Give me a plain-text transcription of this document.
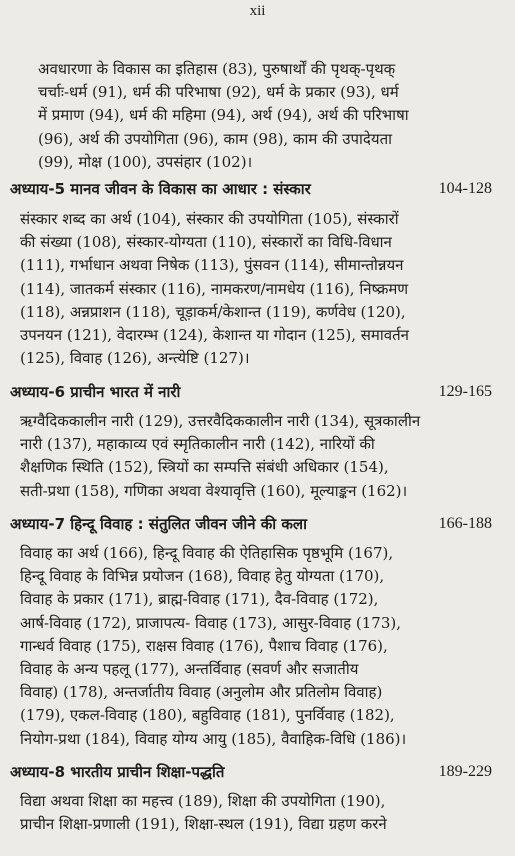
xii
अवधारणा के विकास का इतिहास (83), पुरुषार्थों की पृथक्-पृथक्
चर्चाः-धर्म (91), धर्म की परिभाषा (92), धर्म के प्रकार (93), धर्म
में प्रमाण (94), धर्म की महिमा (94), अर्थ (94), अर्थ की परिभाषा
(96), अर्थ की उपयोगिता (96), काम (98), काम की उपादेयता
(99), मोक्ष (100), उपसंहार (102)।
अध्याय-5 मानव जीवन के विकास का आधार : संस्कार	104-128
संस्कार शब्द का अर्थ (104), संस्कार की उपयोगिता (105), संस्कारों
की संख्या (108), संस्कार-योग्यता (110), संस्कारों का विधि-विधान
(111), गर्भाधान अथवा निषेक (113), पुंसवन (114), सीमान्तोन्नयन
(114), जातकर्म संस्कार (116), नामकरण/नामधेय (116), निष्क्रमण
(118), अन्नप्राशन (118), चूड़ाकर्म/केशान्त (119), कर्णवेध (120),
उपनयन (121), वेदारम्भ (124), केशान्त या गोदान (125), समावर्तन
(125), विवाह (126), अन्त्येष्टि (127)।
अध्याय-6 प्राचीन भारत में नारी	129-165
ऋग्वैदिककालीन नारी (129), उत्तरवैदिककालीन नारी (134), सूत्रकालीन
नारी (137), महाकाव्य एवं स्मृतिकालीन नारी (142), नारियों की
शैक्षणिक स्थिति (152), स्त्रियों का सम्पत्ति संबंधी अधिकार (154),
सती-प्रथा (158), गणिका अथवा वेश्यावृत्ति (160), मूल्याङ्कन (162)।
अध्याय-7 हिन्दू विवाह : संतुलित जीवन जीने की कला	166-188
विवाह का अर्थ (166), हिन्दू विवाह की ऐतिहासिक पृष्ठभूमि (167),
हिन्दू विवाह के विभिन्न प्रयोजन (168), विवाह हेतु योग्यता (170),
विवाह के प्रकार (171), ब्राह्म-विवाह (171), दैव-विवाह (172),
आर्ष-विवाह (172), प्राजापत्य- विवाह (173), आसुर-विवाह (173),
गान्धर्व विवाह (175), राक्षस विवाह (176), पैशाच विवाह (176),
विवाह के अन्य पहलू (177), अन्तर्विवाह (सवर्ण और सजातीय
विवाह) (178), अन्तर्जातीय विवाह (अनुलोम और प्रतिलोम विवाह)
(179), एकल-विवाह (180), बहुविवाह (181), पुनर्विवाह (182),
नियोग-प्रथा (184), विवाह योग्य आयु (185), वैवाहिक-विधि (186)।
अध्याय-8 भारतीय प्राचीन शिक्षा-पद्धति	189-229
विद्या अथवा शिक्षा का महत्त्व (189), शिक्षा की उपयोगिता (190),
प्राचीन शिक्षा-प्रणाली (191), शिक्षा-स्थल (191), विद्या ग्रहण करने
